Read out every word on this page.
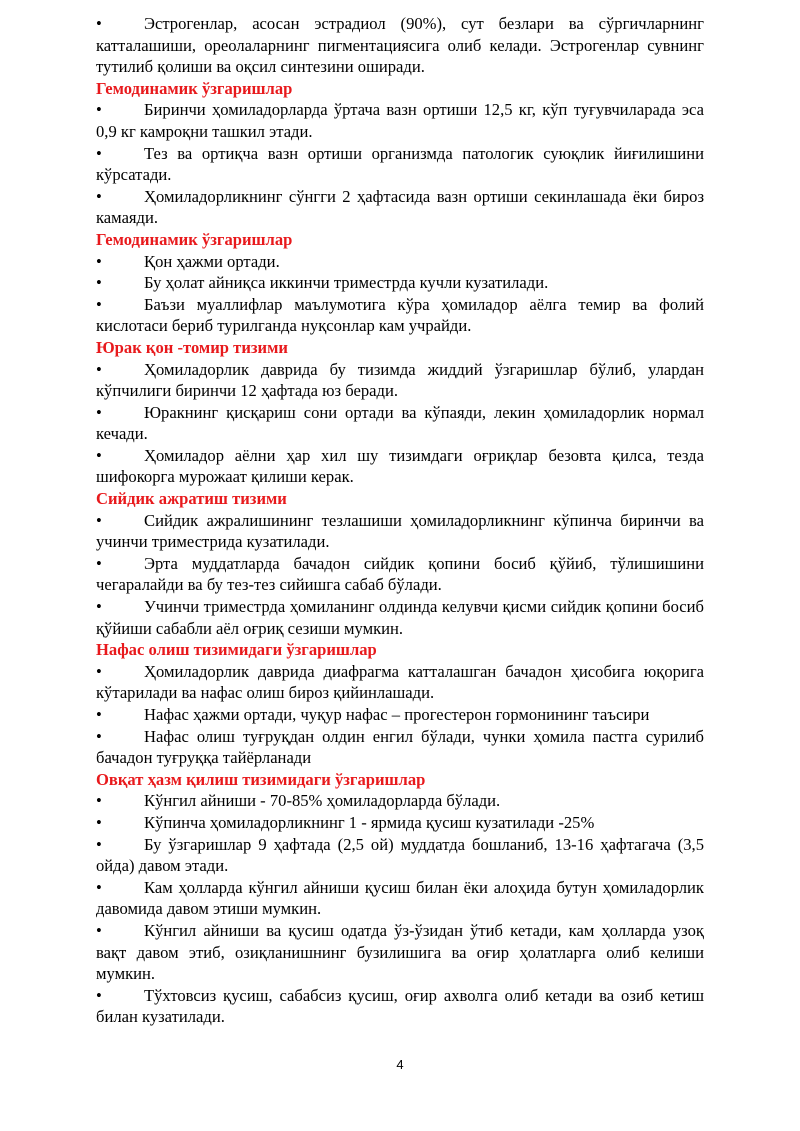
•	Эстрогенлар, асосан эстрадиол (90%), сут безлари ва сўргичларнинг катталашиши, ореолаларнинг пигментациясига олиб келади. Эстрогенлар сувнинг тутилиб қолиши ва оқсил синтезини оширади.

Гемодинамик ўзгаришлар

•	Биринчи ҳомиладорларда ўртача вазн ортиши 12,5 кг, кўп туғувчиларада эса 0,9 кг камроқни ташкил этади.

•	Тез ва ортиқча вазн ортиши организмда патологик суюқлик йиғилишини кўрсатади.

•	Ҳомиладорликнинг сўнгги 2 ҳафтасида вазн ортиши секинлашада ёки бироз камаяди.

Гемодинамик ўзгаришлар

•	Қон ҳажми ортади.

•	Бу ҳолат айниқса иккинчи триместрда кучли кузатилади.

•	Баъзи муаллифлар маълумотига кўра ҳомиладор аёлга темир ва фолий кислотаси бериб турилганда нуқсонлар кам учрайди.

Юрак қон -томир тизими

•	Ҳомиладорлик даврида бу тизимда жиддий ўзгаришлар бўлиб, улардан кўпчилиги биринчи 12 ҳафтада юз беради.

•	Юракнинг қисқариш сони ортади ва кўпаяди, лекин ҳомиладорлик нормал кечади.

•	Ҳомиладор аёлни ҳар хил шу тизимдаги оғриқлар безовта қилса, тезда шифокорга мурожаат қилиши керак.

Сийдик ажратиш тизими

•	Сийдик ажралишининг тезлашиши ҳомиладорликнинг кўпинча биринчи ва учинчи триместрида кузатилади.

•	Эрта муддатларда бачадон сийдик қопини босиб қўйиб, тўлишишини чегаралайди ва бу тез-тез сийишга сабаб бўлади.

•	Учинчи триместрда ҳомиланинг олдинда келувчи қисми сийдик қопини босиб қўйиши сабабли аёл оғриқ сезиши мумкин.

Нафас олиш тизимидаги ўзгаришлар

•	Ҳомиладорлик даврида диафрагма катталашган бачадон ҳисобига юқорига кўтарилади ва нафас олиш бироз қийинлашади.

•	Нафас ҳажми ортади, чуқур нафас – прогестерон гормонининг таъсири

•	Нафас олиш туғруқдан олдин енгил бўлади, чунки ҳомила пастга сурилиб бачадон туғруққа тайёрланади

Овқат ҳазм қилиш тизимидаги ўзгаришлар

•	Кўнгил айниши - 70-85% ҳомиладорларда бўлади.

•	Кўпинча ҳомиладорликнинг 1 - ярмида қусиш кузатилади -25%

•	Бу ўзгаришлар 9 ҳафтада (2,5 ой) муддатда бошланиб, 13-16 ҳафтагача (3,5 ойда) давом этади.

•	Кам ҳолларда кўнгил айниши қусиш билан ёки алоҳида бутун ҳомиладорлик давомида давом этиши мумкин.

•	Кўнгил айниши ва қусиш одатда ўз-ўзидан ўтиб кетади, кам ҳолларда узоқ вақт давом этиб, озиқланишнинг бузилишига ва оғир ҳолатларга олиб келиши мумкин.

•	Тўхтовсиз қусиш, сабабсиз қусиш, оғир ахволга олиб кетади ва озиб кетиш билан кузатилади.

4
